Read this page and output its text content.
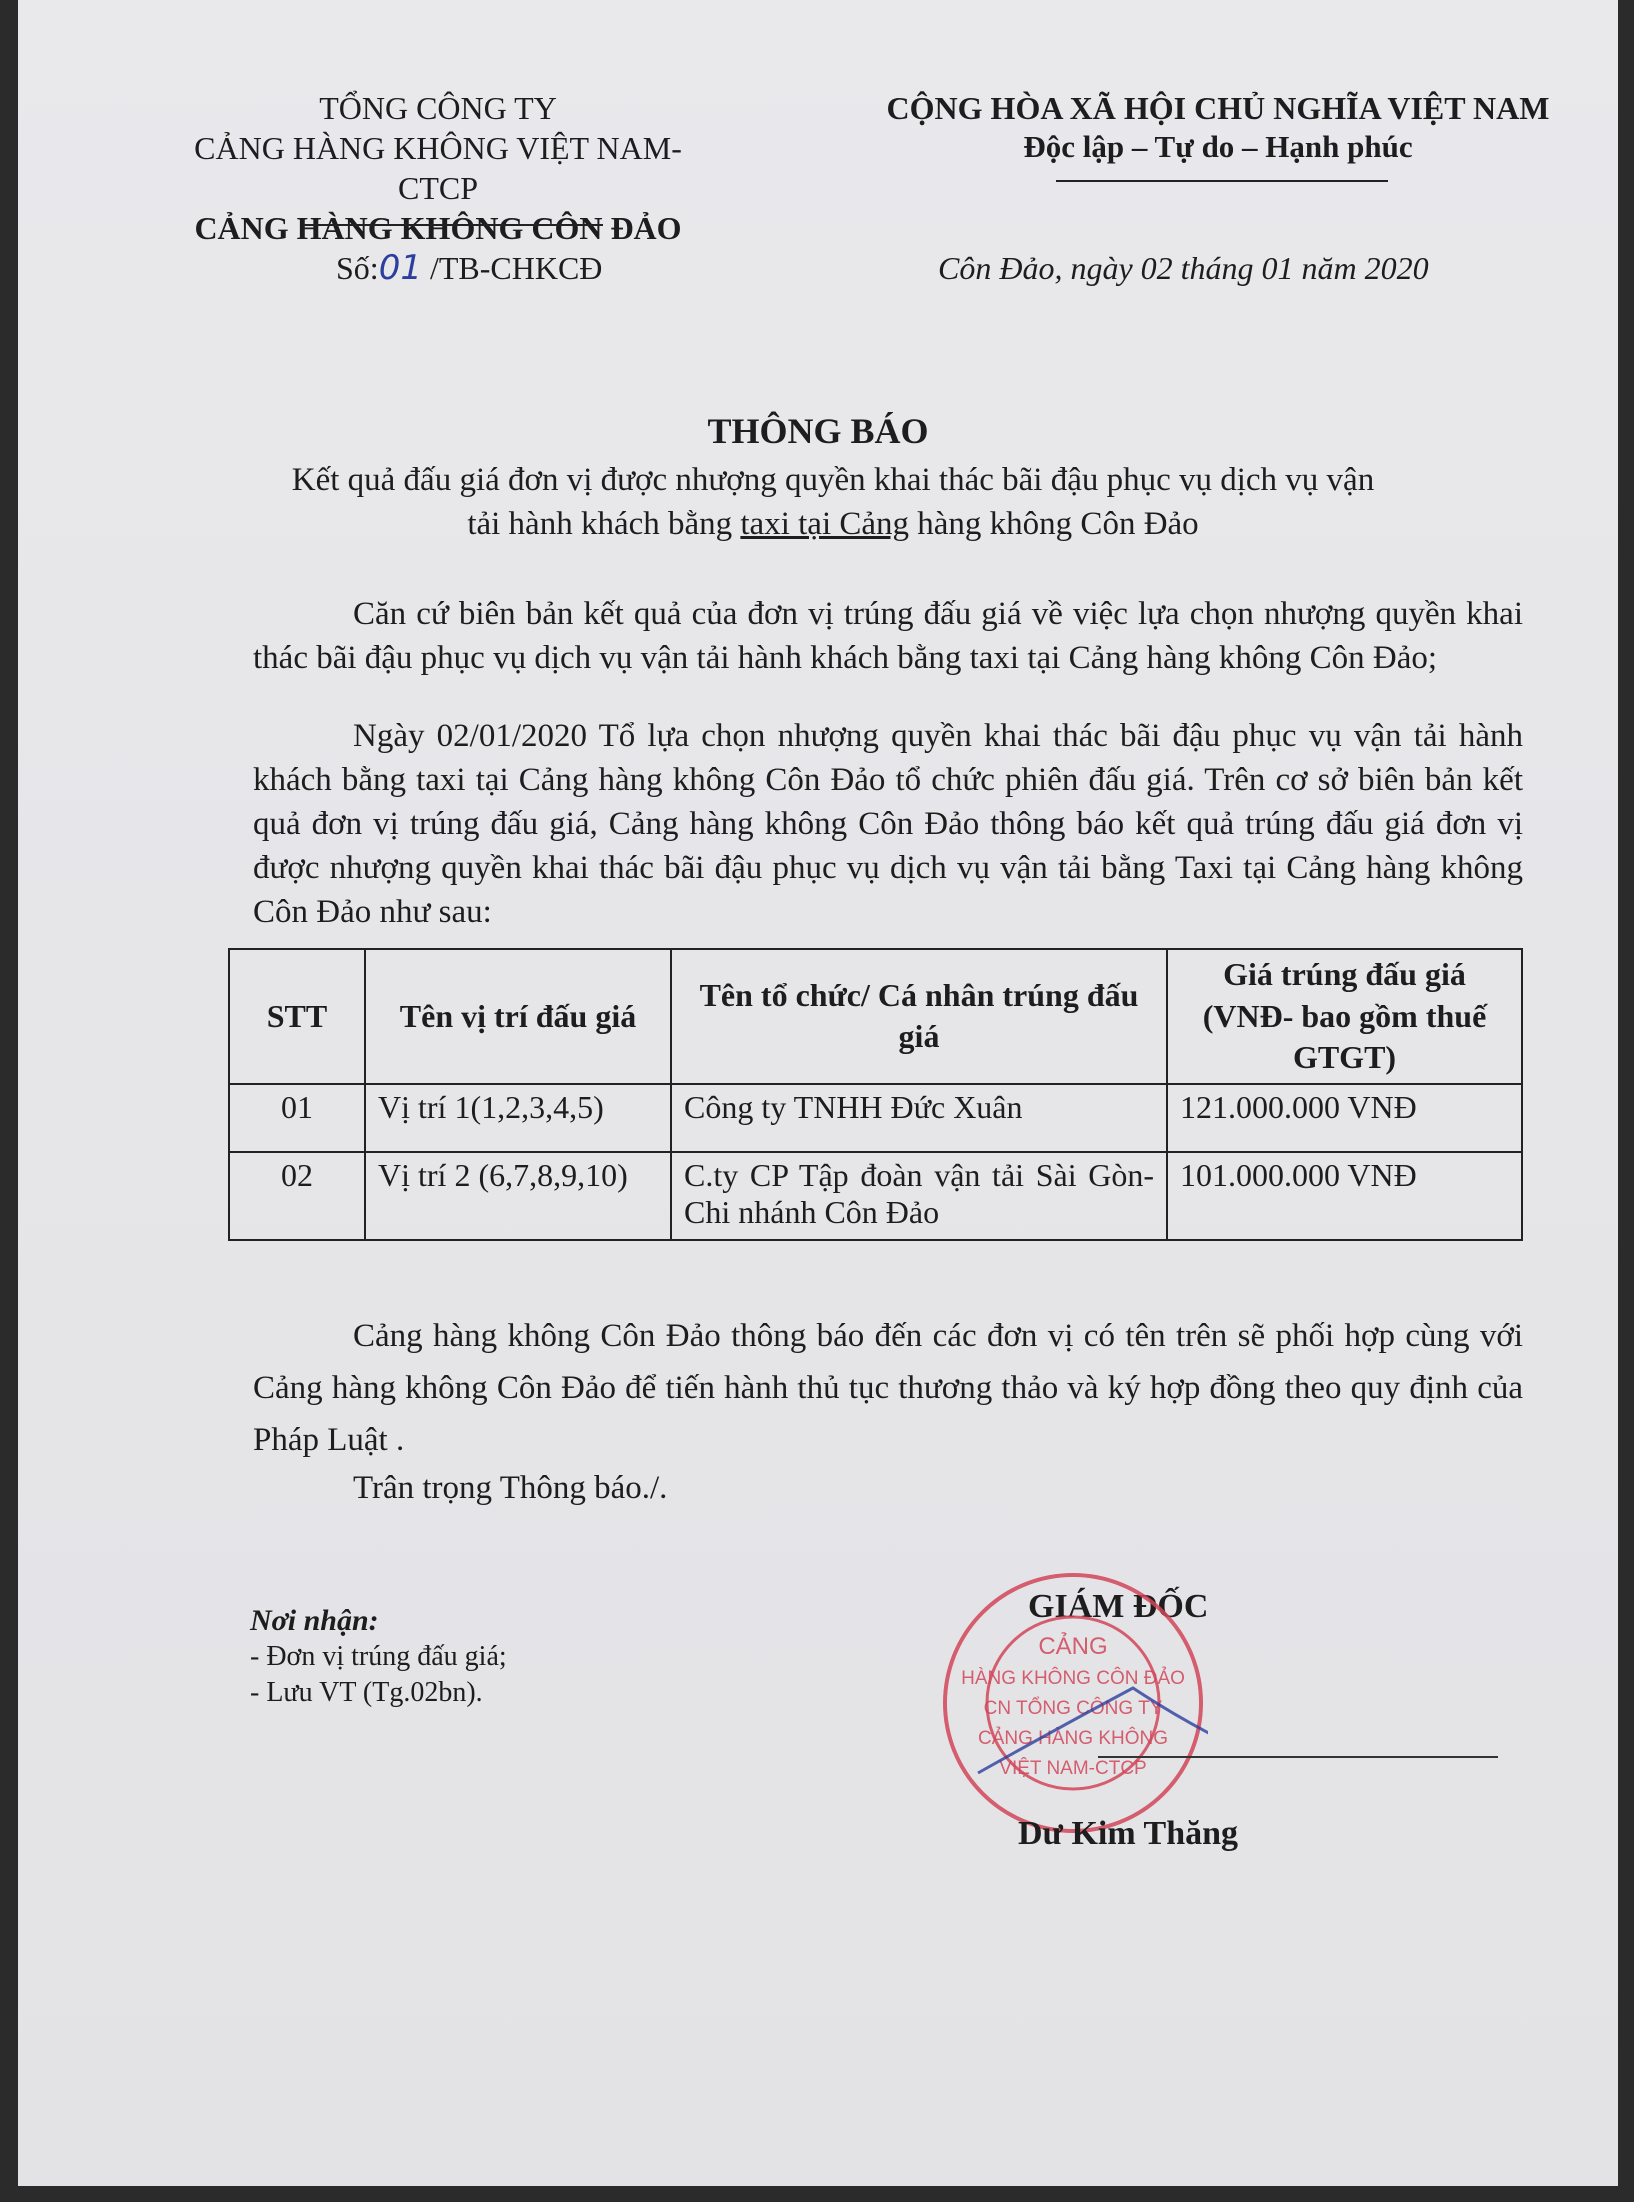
TỔNG CÔNG TY
CẢNG HÀNG KHÔNG VIỆT NAM-CTCP
CẢNG HÀNG KHÔNG CÔN ĐẢO
Số:01 /TB-CHKCĐ
CỘNG HÒA XÃ HỘI CHỦ NGHĨA VIỆT NAM
Độc lập – Tự do – Hạnh phúc
Côn Đảo, ngày 02 tháng 01 năm 2020
THÔNG BÁO
Kết quả đấu giá đơn vị được nhượng quyền khai thác bãi đậu phục vụ dịch vụ vận
tải hành khách bằng taxi tại Cảng hàng không Côn Đảo
Căn cứ biên bản kết quả của đơn vị trúng đấu giá về việc lựa chọn nhượng quyền khai thác bãi đậu phục vụ dịch vụ vận tải hành khách bằng taxi tại Cảng hàng không Côn Đảo;
Ngày 02/01/2020 Tổ lựa chọn nhượng quyền khai thác bãi đậu phục vụ vận tải hành khách bằng taxi tại Cảng hàng không Côn Đảo tổ chức phiên đấu giá. Trên cơ sở biên bản kết quả đơn vị trúng đấu giá, Cảng hàng không Côn Đảo thông báo kết quả trúng đấu giá đơn vị được nhượng quyền khai thác bãi đậu phục vụ dịch vụ vận tải bằng Taxi tại Cảng hàng không Côn Đảo như sau:
STT	Tên vị trí đấu giá	Tên tổ chức/ Cá nhân trúng đấu giá	Giá trúng đấu giá (VNĐ- bao gồm thuế GTGT)
01	Vị trí 1(1,2,3,4,5)	Công ty TNHH Đức Xuân	121.000.000 VNĐ
02	Vị trí 2 (6,7,8,9,10)	C.ty CP Tập đoàn vận tải Sài Gòn- Chi nhánh Côn Đảo	101.000.000 VNĐ
Cảng hàng không Côn Đảo thông báo đến các đơn vị có tên trên sẽ phối hợp cùng với Cảng hàng không Côn Đảo để tiến hành thủ tục thương thảo và ký hợp đồng theo quy định của Pháp Luật .
Trân trọng Thông báo./.
Nơi nhận:
- Đơn vị trúng đấu giá;
- Lưu VT (Tg.02bn).
GIÁM ĐỐC
CẢNG
HÀNG KHÔNG CÔN ĐẢO
CN TỔNG CÔNG TY
CẢNG HÀNG KHÔNG
VIỆT NAM-CTCP
Dư Kim Thăng
